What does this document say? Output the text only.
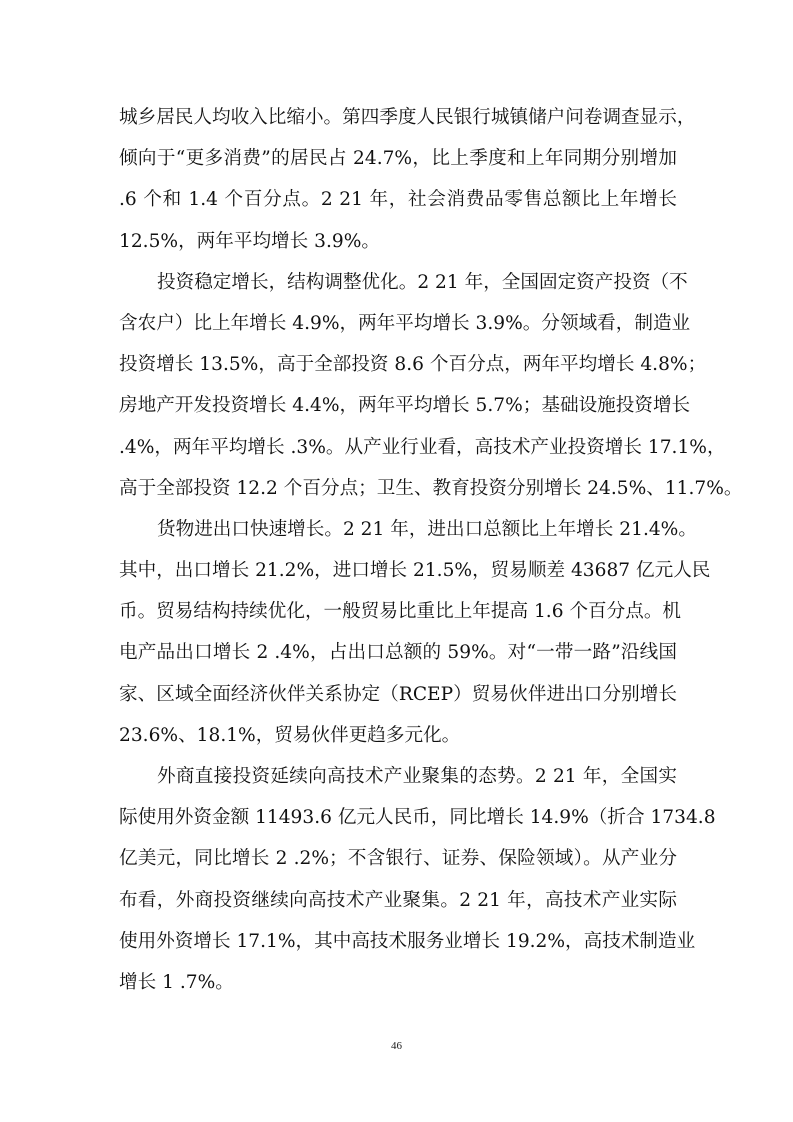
城乡居民人均收入比缩小。第四季度人民银行城镇储户问卷调查显示，
倾向于“更多消费”的居民占 24.7%，比上季度和上年同期分别增加
.6 个和 1.4 个百分点。2 21 年，社会消费品零售总额比上年增长
12.5%，两年平均增长 3.9%。
投资稳定增长，结构调整优化。2 21 年，全国固定资产投资（不
含农户）比上年增长 4.9%，两年平均增长 3.9%。分领域看，制造业
投资增长 13.5%，高于全部投资 8.6 个百分点，两年平均增长 4.8%；
房地产开发投资增长 4.4%，两年平均增长 5.7%；基础设施投资增长
.4%，两年平均增长 .3%。从产业行业看，高技术产业投资增长 17.1%，
高于全部投资 12.2 个百分点；卫生、教育投资分别增长 24.5%、11.7%。
货物进出口快速增长。2 21 年，进出口总额比上年增长 21.4%。
其中，出口增长 21.2%，进口增长 21.5%，贸易顺差 43687 亿元人民
币。贸易结构持续优化，一般贸易比重比上年提高 1.6 个百分点。机
电产品出口增长 2 .4%，占出口总额的 59%。对“一带一路”沿线国
家、区域全面经济伙伴关系协定（RCEP）贸易伙伴进出口分别增长
23.6%、18.1%，贸易伙伴更趋多元化。
外商直接投资延续向高技术产业聚集的态势。2 21 年，全国实
际使用外资金额 11493.6 亿元人民币，同比增长 14.9%（折合 1734.8
亿美元，同比增长 2 .2%；不含银行、证券、保险领域）。从产业分
布看，外商投资继续向高技术产业聚集。2 21 年，高技术产业实际
使用外资增长 17.1%，其中高技术服务业增长 19.2%，高技术制造业
增长 1 .7%。
46
